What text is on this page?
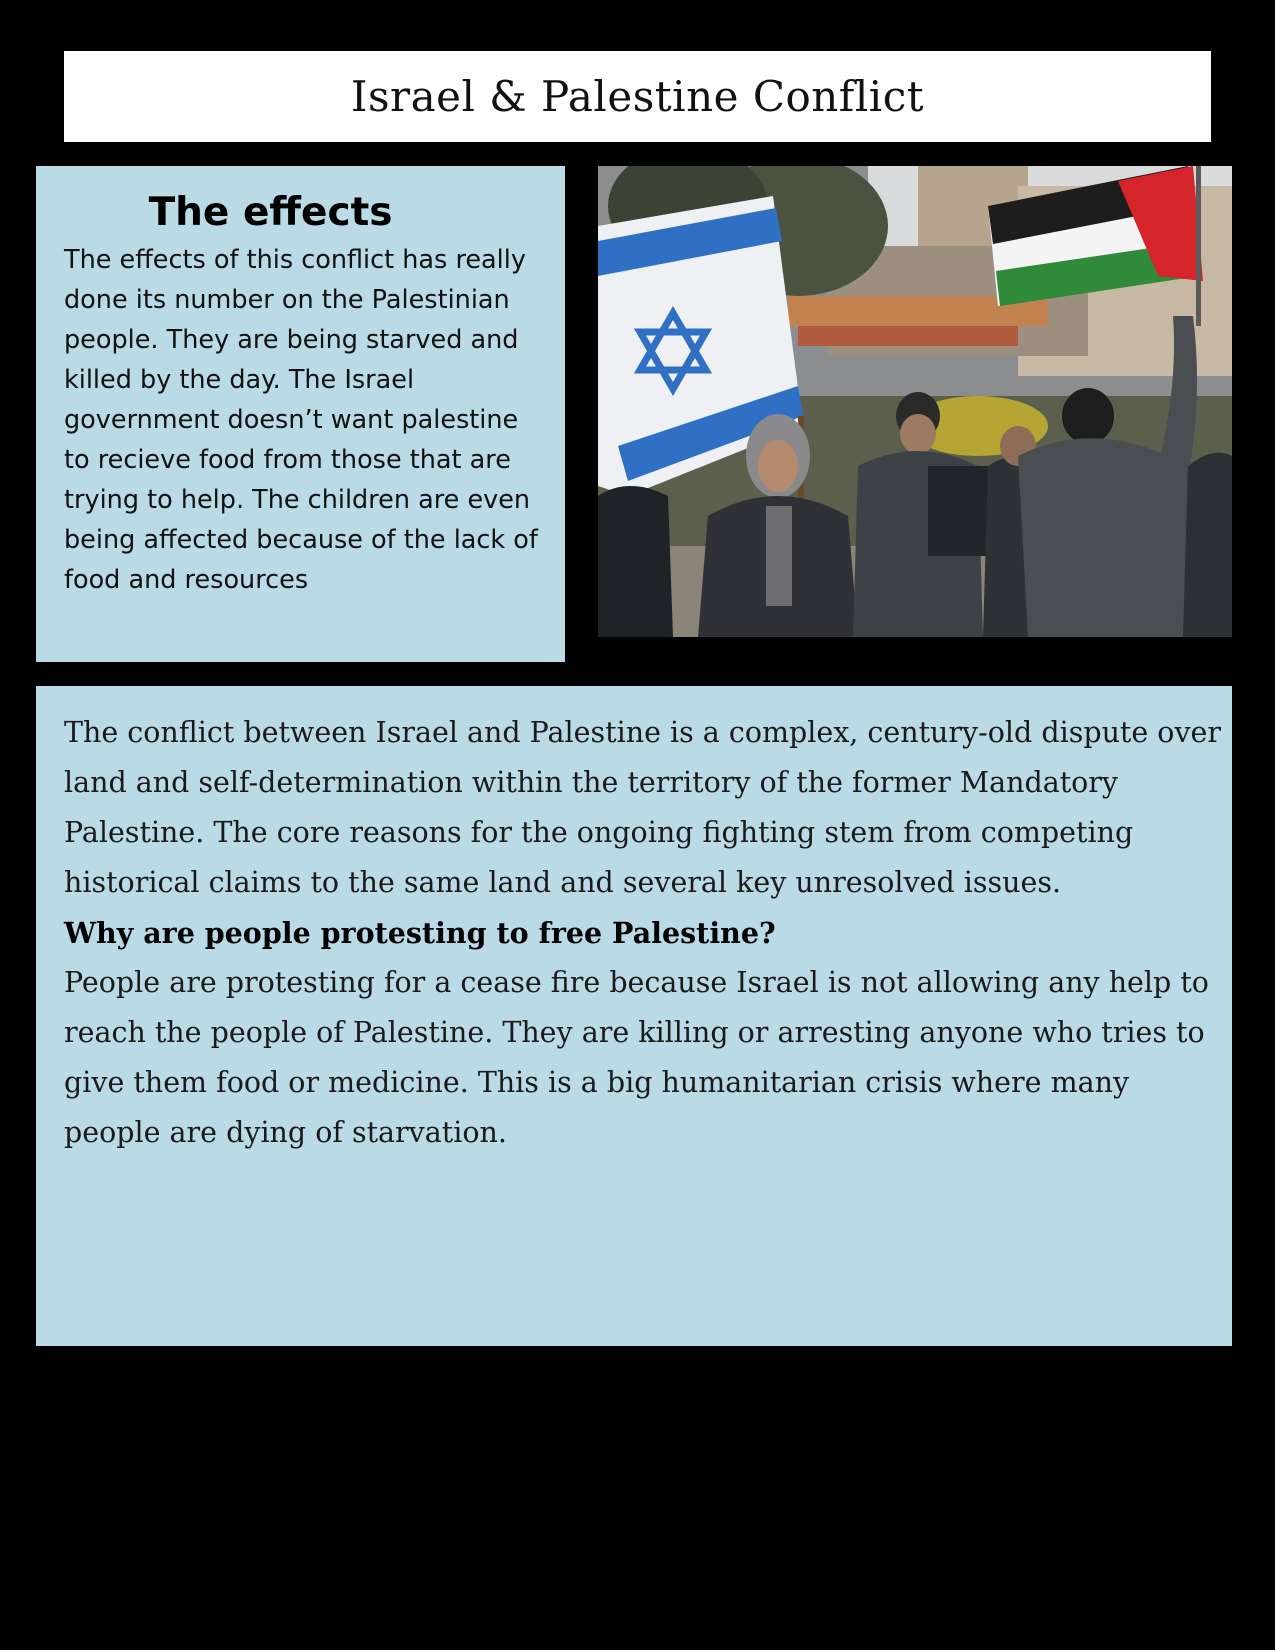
Israel & Palestine Conflict
The effects
The effects of this conflict has really done its number on the Palestinian people. They are being starved and killed by the day. The Israel government doesn’t want palestine to recieve food from those that are trying to help. The children are even being affected because of the lack of food and resources

The conflict between Israel and Palestine is a complex, century-old dispute over land and self-determination within the territory of the former Mandatory Palestine. The core reasons for the ongoing fighting stem from competing historical claims to the same land and several key unresolved issues.

Why are people protesting to free Palestine?

People are protesting for a cease fire because Israel is not allowing any help to reach the people of Palestine. They are killing or arresting anyone who tries to give them food or medicine. This is a big humanitarian crisis where many people are dying of starvation.
